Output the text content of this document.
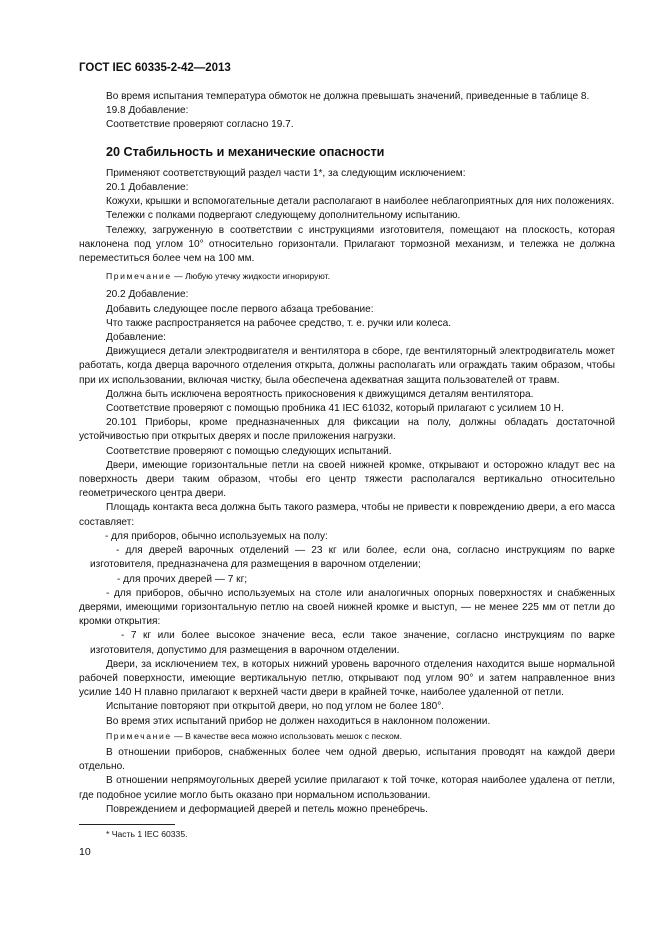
ГОСТ IEC 60335-2-42—2013

Во время испытания температура обмоток не должна превышать значений, приведенные в таблице 8.

19.8 Добавление:

Соответствие проверяют согласно 19.7.

20 Стабильность и механические опасности

Применяют соответствующий раздел части 1*, за следующим исключением:

20.1 Добавление:

Кожухи, крышки и вспомогательные детали располагают в наиболее неблагоприятных для них положениях.

Тележки с полками подвергают следующему дополнительному испытанию.

Тележку, загруженную в соответствии с инструкциями изготовителя, помещают на плоскость, которая наклонена под углом 10° относительно горизонтали. Прилагают тормозной механизм, и тележка не должна переместиться более чем на 100 мм.

Примечание — Любую утечку жидкости игнорируют.

20.2 Добавление:

Добавить следующее после первого абзаца требование:

Что также распространяется на рабочее средство, т. е. ручки или колеса.

Добавление:

Движущиеся детали электродвигателя и вентилятора в сборе, где вентиляторный электродвигатель может работать, когда дверца варочного отделения открыта, должны располагать или ограждать таким образом, чтобы при их использовании, включая чистку, была обеспечена адекватная защита пользователей от травм.

Должна быть исключена вероятность прикосновения к движущимся деталям вентилятора.

Соответствие проверяют с помощью пробника 41 IEC 61032, который прилагают с усилием 10 Н.

20.101 Приборы, кроме предназначенных для фиксации на полу, должны обладать достаточной устойчивостью при открытых дверях и после приложения нагрузки.

Соответствие проверяют с помощью следующих испытаний.

Двери, имеющие горизонтальные петли на своей нижней кромке, открывают и осторожно кладут вес на поверхность двери таким образом, чтобы его центр тяжести располагался вертикально относительно геометрического центра двери.

Площадь контакта веса должна быть такого размера, чтобы не привести к повреждению двери, а его масса составляет:

- для приборов, обычно используемых на полу:

- для дверей варочных отделений — 23 кг или более, если она, согласно инструкциям по варке изготовителя, предназначена для размещения в варочном отделении;

- для прочих дверей — 7 кг;

- для приборов, обычно используемых на столе или аналогичных опорных поверхностях и снабженных дверями, имеющими горизонтальную петлю на своей нижней кромке и выступ, — не менее 225 мм от петли до кромки открытия:

- 7 кг или более высокое значение веса, если такое значение, согласно инструкциям по варке изготовителя, допустимо для размещения в варочном отделении.

Двери, за исключением тех, в которых нижний уровень варочного отделения находится выше нормальной рабочей поверхности, имеющие вертикальную петлю, открывают под углом 90° и затем направленное вниз усилие 140 Н плавно прилагают к верхней части двери в крайней точке, наиболее удаленной от петли.

Испытание повторяют при открытой двери, но под углом не более 180°.

Во время этих испытаний прибор не должен находиться в наклонном положении.

Примечание — В качестве веса можно использовать мешок с песком.

В отношении приборов, снабженных более чем одной дверью, испытания проводят на каждой двери отдельно.

В отношении непрямоугольных дверей усилие прилагают к той точке, которая наиболее удалена от петли, где подобное усилие могло быть оказано при нормальном использовании.

Повреждением и деформацией дверей и петель можно пренебречь.

* Часть 1 IEC 60335.
10
